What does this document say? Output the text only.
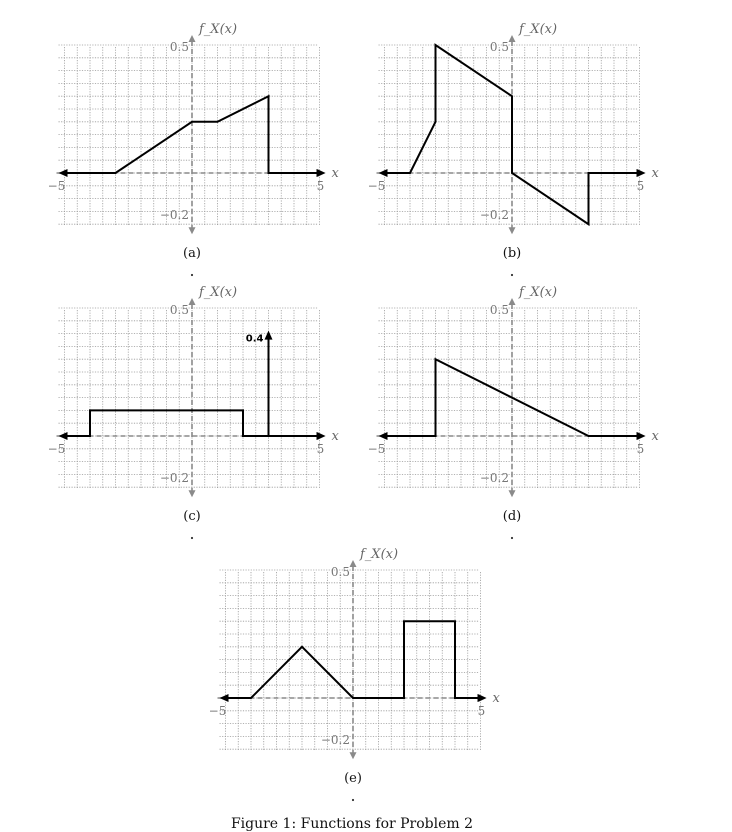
−5	5
0.5
−0.2
f_X(x)
x
(a)
−5	5
0.5
−0.2
f_X(x)
x
(b)
−5	5
0.5
−0.2
f_X(x)
x
0.4
(c)
−5	5
0.5
−0.2
f_X(x)
x
(d)
−5	5
0.5
−0.2
f_X(x)
x
(e)
Figure 1: Functions for Problem 2
